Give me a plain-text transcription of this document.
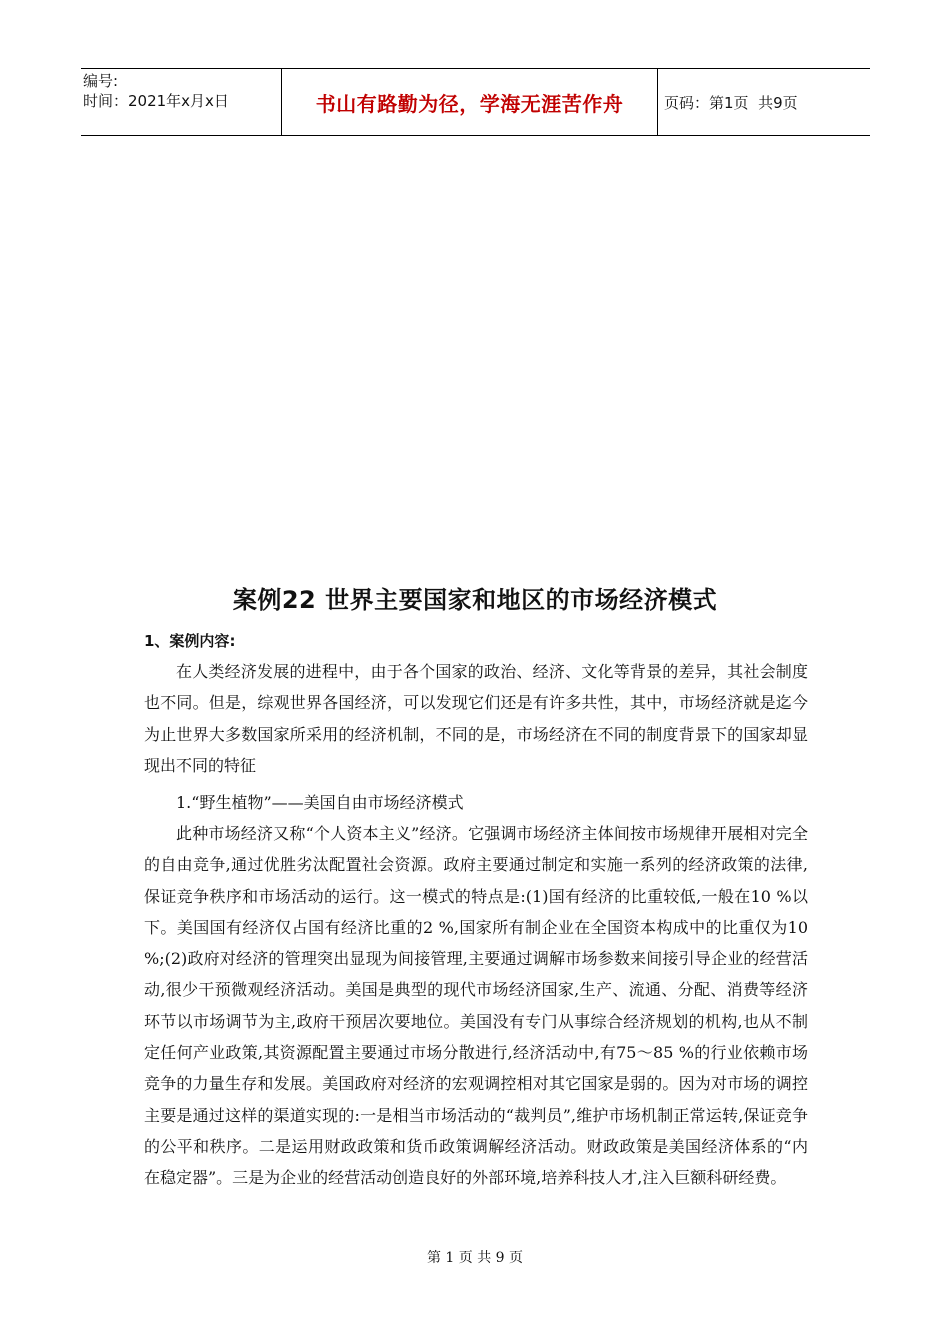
编号:
时间：2021年x月x日	书山有路勤为径，学海无涯苦作舟	页码：第1页  共9页
案例22 世界主要国家和地区的市场经济模式
1、案例内容:

在人类经济发展的进程中，由于各个国家的政治、经济、文化等背景的差异，其社会制度也不同。但是，综观世界各国经济，可以发现它们还是有许多共性，其中，市场经济就是迄今为止世界大多数国家所采用的经济机制，不同的是，市场经济在不同的制度背景下的国家却显现出不同的特征

1.“野生植物”——美国自由市场经济模式

此种市场经济又称“个人资本主义”经济。它强调市场经济主体间按市场规律开展相对完全的自由竞争,通过优胜劣汰配置社会资源。政府主要通过制定和实施一系列的经济政策的法律,保证竞争秩序和市场活动的运行。这一模式的特点是:(1)国有经济的比重较低,一般在10 %以下。美国国有经济仅占国有经济比重的2 %,国家所有制企业在全国资本构成中的比重仅为10 %;(2)政府对经济的管理突出显现为间接管理,主要通过调解市场参数来间接引导企业的经营活动,很少干预微观经济活动。美国是典型的现代市场经济国家,生产、流通、分配、消费等经济环节以市场调节为主,政府干预居次要地位。美国没有专门从事综合经济规划的机构,也从不制定任何产业政策,其资源配置主要通过市场分散进行,经济活动中,有75～85 %的行业依赖市场竞争的力量生存和发展。美国政府对经济的宏观调控相对其它国家是弱的。因为对市场的调控主要是通过这样的渠道实现的:一是相当市场活动的“裁判员”,维护市场机制正常运转,保证竞争的公平和秩序。二是运用财政政策和货币政策调解经济活动。财政政策是美国经济体系的“内在稳定器”。三是为企业的经营活动创造良好的外部环境,培养科技人才,注入巨额科研经费。

第 1 页 共 9 页
